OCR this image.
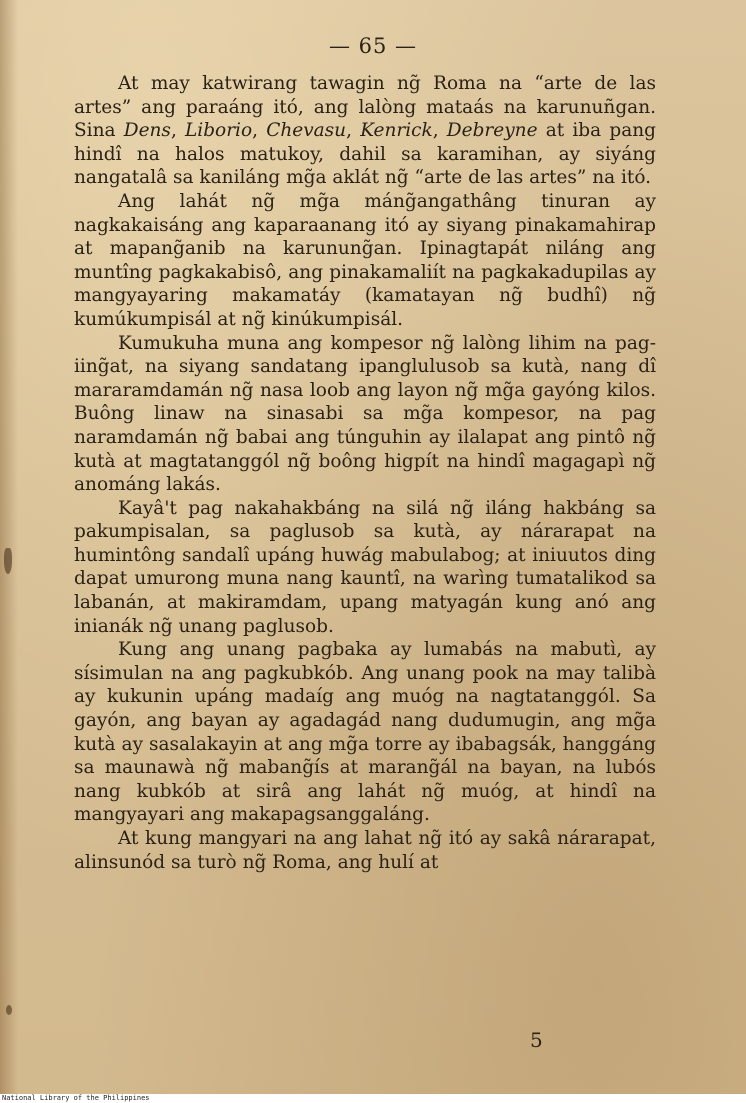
— 65 —

At may katwirang tawagin ng̃ Roma na “arte de las artes” ang paraáng itó, ang lalòng mataás na karunuñgan. Sina Dens, Liborio, Chevasu, Kenrick, Debreyne at iba pang hindî na halos matukoy, dahil sa karamihan, ay siyáng nangatalâ sa kaniláng mg̃a aklát ng̃ “arte de las artes” na itó.

Ang lahát ng̃ mg̃a máng̃angathâng tinuran ay nagkakaisáng ang kaparaanang itó ay siyang pinakamahirap at mapang̃anib na karunung̃an. Ipinagtapát niláng ang muntîng pagkakabisô, ang pinakamaliít na pagkakadupilas ay mangyayaring makamatáy (kamatayan ng̃ budhî) ng̃ kumúkumpisál at ng̃ kinúkumpisál.

Kumukuha muna ang kompesor ng̃ lalòng lihim na pag-iing̃at, na siyang sandatang ipanglulusob sa kutà, nang dî mararamdamán ng̃ nasa loob ang layon ng̃ mg̃a gayóng kilos. Buông linaw na sinasabi sa mg̃a kompesor, na pag naramdamán ng̃ babai ang túnguhin ay ilalapat ang pintô ng̃ kutà at magtatanggól ng̃ boông higpít na hindî magagapì ng̃ anománg lakás.

Kayâ't pag nakahakbáng na silá ng̃ iláng hakbáng sa pakumpisalan, sa paglusob sa kutà, ay nárarapat na humintông sandalî upáng huwág mabulabog; at iniuutos ding dapat umurong muna nang kauntî, na warìng tumatalikod sa labanán, at makiramdam, upang matyagán kung anó ang inianák ng̃ unang paglusob.

Kung ang unang pagbaka ay lumabás na mabutì, ay sísimulan na ang pagkubkób. Ang unang pook na may talibà ay kukunin upáng madaíg ang muóg na nagtatanggól. Sa gayón, ang bayan ay agadagád nang dudumugin, ang mg̃a kutà ay sasalakayin at ang mg̃a torre ay ibabagsák, hanggáng sa maunawà ng̃ mabang̃ís at marang̃ál na bayan, na lubós nang kubkób at sirâ ang lahát ng̃ muóg, at hindî na mangyayari ang makapagsanggaláng.

At kung mangyari na ang lahat ng̃ itó ay sakâ nárarapat, alinsunód sa turò ng̃ Roma, ang hulí at

5
National Library of the Philippines
